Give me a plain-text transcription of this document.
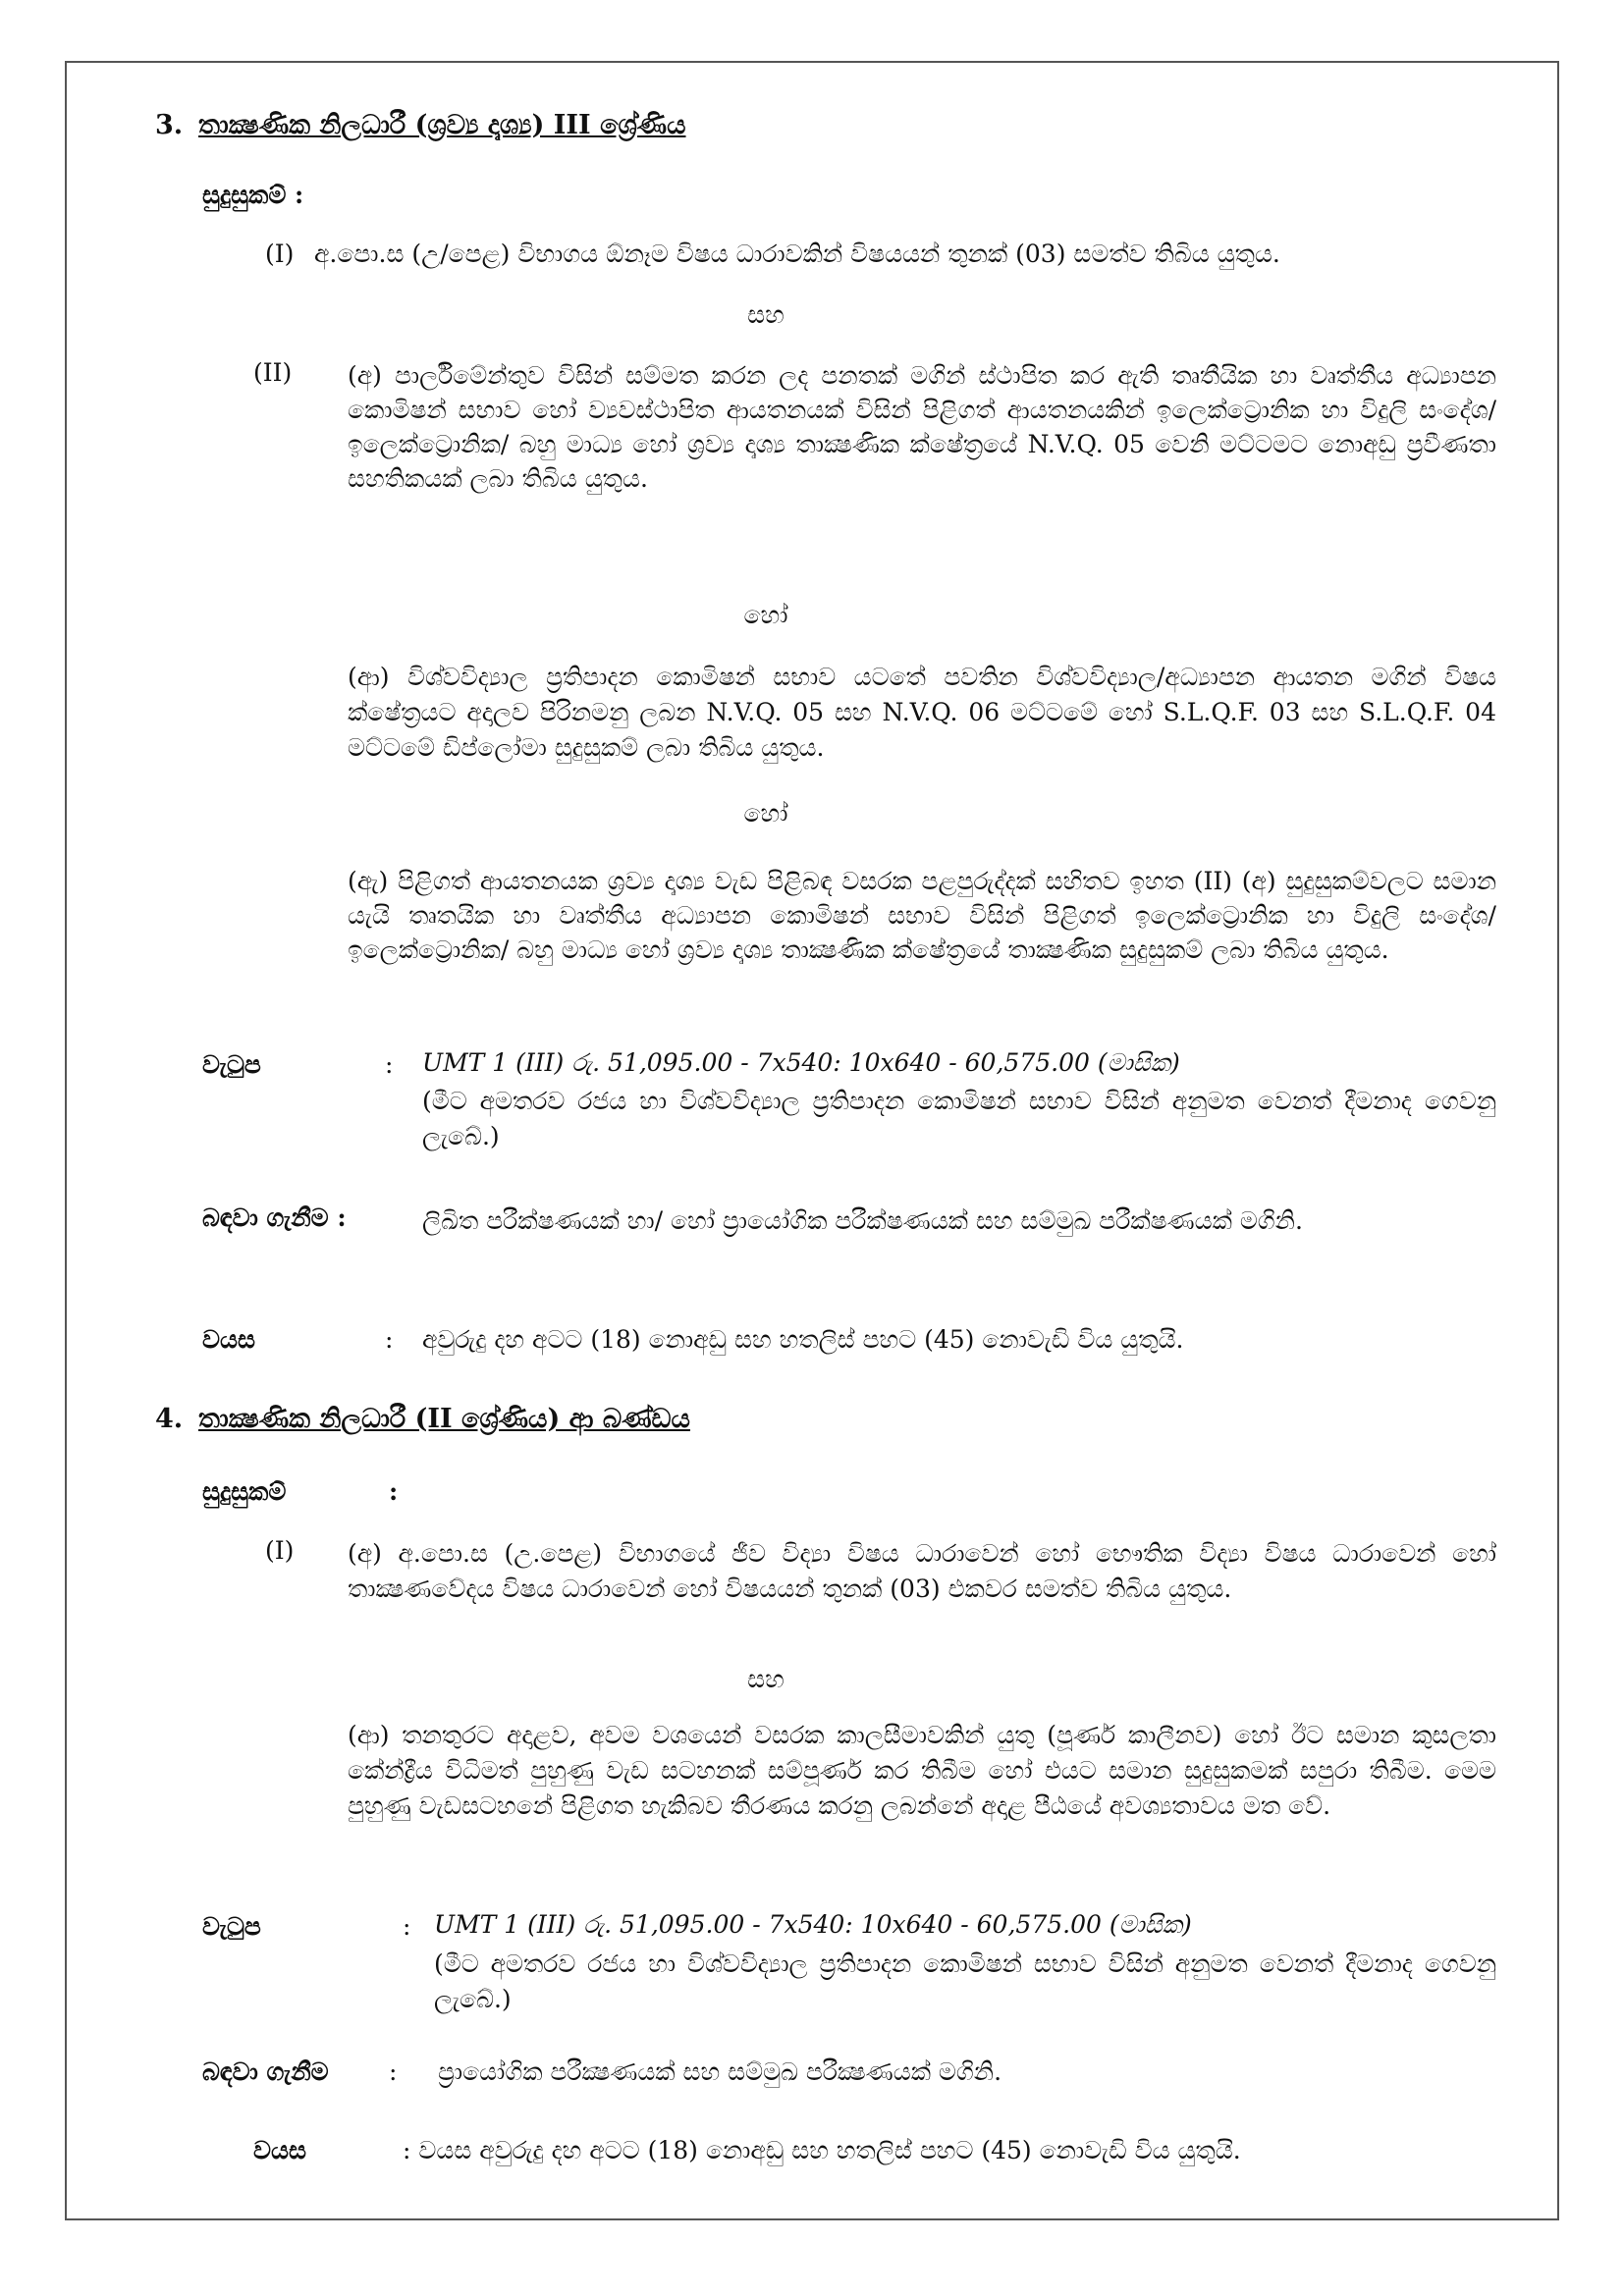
3. තාක්‍ෂණික නිලධාරී (ශ්‍රව්‍ය දෘශ්‍ය) III ශ්‍රේණිය
සුදුසුකම් :
(I) අ.පො.ස (උ/පෙළ) විභාගය ඕනෑම විෂය ධාරාවකින් විෂයයන් තුනක් (03) සමත්ව තිබිය යුතුය.
සහ
(II) (අ) පාර්ලිමේන්තුව විසින් සම්මත කරන ලද පනතක් මගින් ස්ථාපිත කර ඇති තෘතීයික හා වෘත්තීය අධ්‍යාපන කොමිෂන් සභාව හෝ ව්‍යවස්ථාපිත ආයතනයක් විසින් පිළිගත් ආයතනයකින් ඉලෙක්ට්‍රොනික හා විදුලි සංදේශ/ ඉලෙක්ට්‍රොනික/ බහු මාධ්‍ය හෝ ශ්‍රව්‍ය දෘශ්‍ය තාක්‍ෂණික ක්ෂේත්‍රයේ N.V.Q. 05 වෙනි මට්ටමට නොඅඩු ප්‍රවීණතා සහතිකයක් ලබා තිබිය යුතුය.
හෝ
(ආ) විශ්වවිද්‍යාල ප්‍රතිපාදන කොමිෂන් සභාව යටතේ පවතින විශ්වවිද්‍යාල/අධ්‍යාපන ආයතන මගින් විෂය ක්ෂේත්‍රයට අදාලව පිරිනමනු ලබන N.V.Q. 05 සහ N.V.Q. 06 මට්ටමේ හෝ S.L.Q.F. 03 සහ S.L.Q.F. 04 මට්ටමේ ඩිප්ලෝමා සුදුසුකම් ලබා තිබිය යුතුය.
හෝ
(ඇ) පිළිගත් ආයතනයක ශ්‍රව්‍ය දෘශ්‍ය වැඩ පිළිබඳ වසරක පළපුරුද්දක් සහිතව ඉහත (II) (අ) සුදුසුකම්වලට සමාන යැයි තෘතයික හා වෘත්තීය අධ්‍යාපන කොමිෂන් සභාව විසින් පිළිගත් ඉලෙක්ට්‍රොනික හා විදුලි සංදේශ/ ඉලෙක්ට්‍රොනික/ බහු මාධ්‍ය හෝ ශ්‍රව්‍ය දෘශ්‍ය තාක්‍ෂණික ක්ෂේත්‍රයේ තාක්‍ෂණික සුදුසුකම් ලබා තිබිය යුතුය.
වැටුප	: UMT 1 (III) රු. 51,095.00 - 7x540: 10x640 - 60,575.00 (මාසික)
(මීට අමතරව රජය හා විශ්වවිද්‍යාල ප්‍රතිපාදන කොමිෂන් සභාව විසින් අනුමත වෙනත් දීමනාද ගෙවනු ලැබේ.)
බඳවා ගැනීම :	ලිඛිත පරීක්ෂණයක් හා/ හෝ ප්‍රායෝගික පරීක්ෂණයක් සහ සම්මුඛ පරීක්ෂණයක් මගිනි.
වයස	: අවුරුදු දහ අටට (18) නොඅඩු සහ හතලිස් පහට (45) නොවැඩි විය යුතුයි.
4. තාක්‍ෂණික නිලධාරී (II ශ්‍රේණිය) ආ බණ්ඩය
සුදුසුකම්	:
(I) (අ) අ.පො.ස (උ.පෙළ) විභාගයේ ජීව විද්‍යා විෂය ධාරාවෙන් හෝ භෞතික විද්‍යා විෂය ධාරාවෙන් හෝ තාක්‍ෂණවේදය විෂය ධාරාවෙන් හෝ විෂයයන් තුනක් (03) එකවර සමත්ව තිබිය යුතුය.
සහ
(ආ) තනතුරට අදාළව, අවම වශයෙන් වසරක කාලසීමාවකින් යුතු (පූර්ණ කාලීනව) හෝ ඊට සමාන කුසලතා කේන්ද්‍රීය විධිමත් පුහුණු වැඩ සටහනක් සම්පූර්ණ කර තිබීම හෝ එයට සමාන සුදුසුකමක් සපුරා තිබීම. මෙම පුහුණු වැඩසටහනේ පිළිගත හැකිබව තීරණය කරනු ලබන්නේ අදාළ පීඨයේ අවශ්‍යතාවය මත වේ.
වැටුප	: UMT 1 (III) රු. 51,095.00 - 7x540: 10x640 - 60,575.00 (මාසික)
(මීට අමතරව රජය හා විශ්වවිද්‍යාල ප්‍රතිපාදන කොමිෂන් සභාව විසින් අනුමත වෙනත් දීමනාද ගෙවනු ලැබේ.)
බඳවා ගැනීම : ප්‍රායෝගික පරීක්‍ෂණයක් සහ සම්මුඛ පරීක්‍ෂණයක් මගිනි.
වයස	: වයස අවුරුදු දහ අටට (18) නොඅඩු සහ හතලිස් පහට (45) නොවැඩි විය යුතුයි.
